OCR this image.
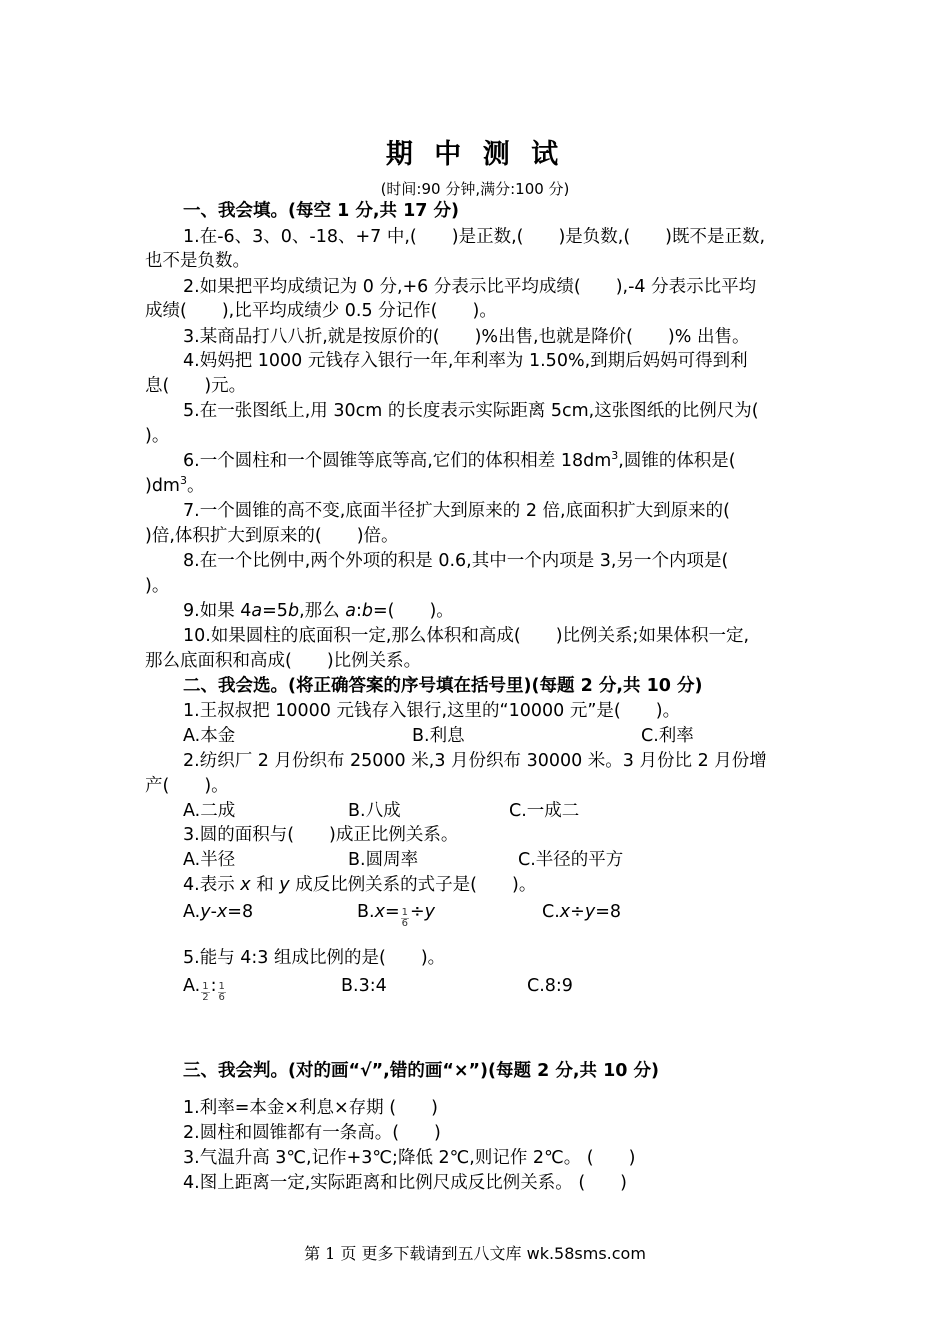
期 中 测 试
(时间:90 分钟,满分:100 分)
一、我会填。(每空 1 分,共 17 分)
1.在-6、3、0、-18、+7 中,(　　)是正数,(　　)是负数,(　　)既不是正数,
也不是负数。
2.如果把平均成绩记为 0 分,+6 分表示比平均成绩(　　),-4 分表示比平均
成绩(　　),比平均成绩少 0.5 分记作(　　)。
3.某商品打八八折,就是按原价的(　　)%出售,也就是降价(　　)% 出售。
4.妈妈把 1000 元钱存入银行一年,年利率为 1.50%,到期后妈妈可得到利
息(　　)元。
5.在一张图纸上,用 30cm 的长度表示实际距离 5cm,这张图纸的比例尺为(
)。
6.一个圆柱和一个圆锥等底等高,它们的体积相差 $18dm^3$,圆锥的体积是(
)$dm^3$。
7.一个圆锥的高不变,底面半径扩大到原来的 2 倍,底面积扩大到原来的(
)倍,体积扩大到原来的(　　)倍。
8.在一个比例中,两个外项的积是 0.6,其中一个内项是 3,另一个内项是(
)。
9.如果 4a=5b,那么 a:b=(　　)。
10.如果圆柱的底面积一定,那么体积和高成(　　)比例关系;如果体积一定,
那么底面积和高成(　　)比例关系。
二、我会选。(将正确答案的序号填在括号里)(每题 2 分,共 10 分)
1.王叔叔把 10000 元钱存入银行,这里的“10000 元”是(　　)。
A.本金	B.利息	C.利率
2.纺织厂 2 月份织布 25000 米,3 月份织布 30000 米。3 月份比 2 月份增
产(　　)。
A.二成	B.八成	C.一成二
3.圆的面积与(　　)成正比例关系。
A.半径	B.圆周率	C.半径的平方
4.表示 x 和 y 成反比例关系的式子是(　　)。
A.y-x=8	$B.x= \frac{1}{6} \div y$	C.x÷y=8
5.能与 4:3 组成比例的是(　　)。
A. $\frac{1}{2}$ : $\frac{1}{6}$	B.3:4	C.8:9
三、我会判。(对的画“√”,错的画“×”)(每题 2 分,共 10 分)
1.利率=本金×利息×存期 (　　)
2.圆柱和圆锥都有一条高。(　　)
3.气温升高 3℃,记作+3℃;降低 2℃,则记作 2℃。 (　　)
4.图上距离一定,实际距离和比例尺成反比例关系。 (　　)
第 1 页 更多下载请到五八文库 wk.58sms.com
